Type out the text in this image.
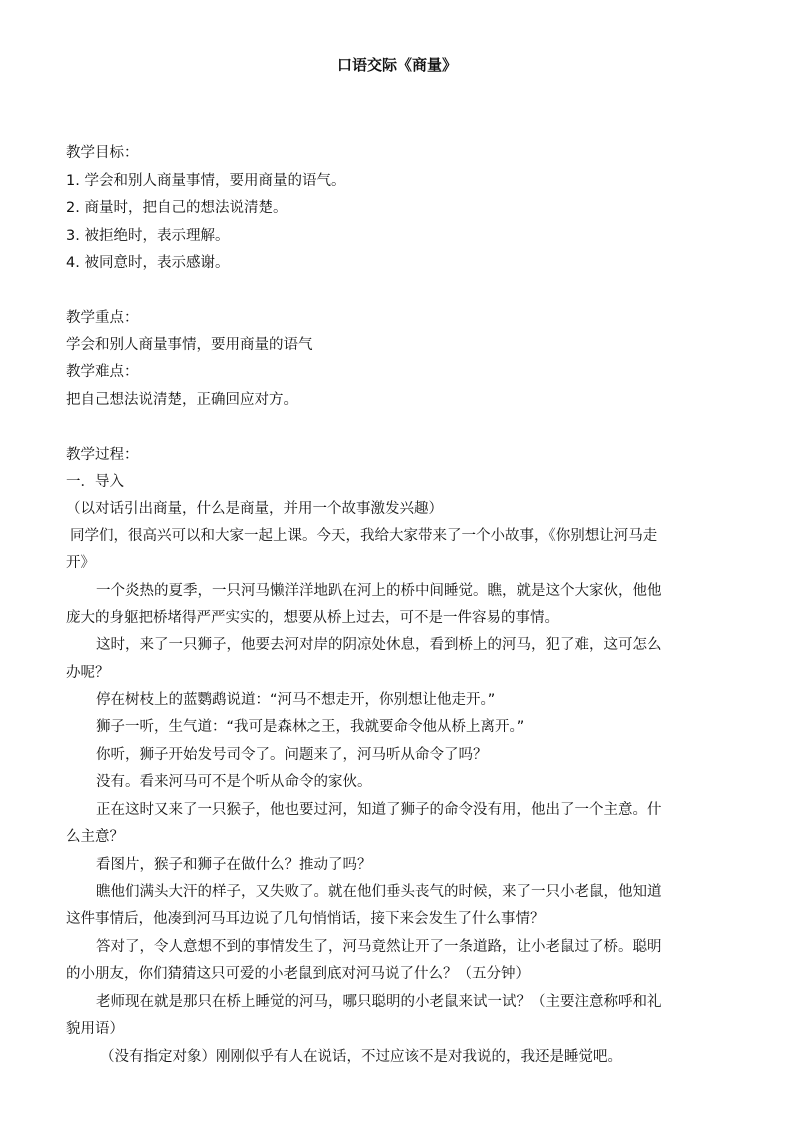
口语交际《商量》
教学目标：
1. 学会和别人商量事情，要用商量的语气。
2. 商量时，把自己的想法说清楚。
3. 被拒绝时，表示理解。
4. 被同意时，表示感谢。
教学重点：
学会和别人商量事情，要用商量的语气
教学难点：
把自己想法说清楚，正确回应对方。
教学过程：
一．导入
（以对话引出商量，什么是商量，并用一个故事激发兴趣）
同学们，很高兴可以和大家一起上课。今天，我给大家带来了一个小故事，《你别想让河马走
开》
一个炎热的夏季，一只河马懒洋洋地趴在河上的桥中间睡觉。瞧，就是这个大家伙，他他
庞大的身躯把桥堵得严严实实的，想要从桥上过去，可不是一件容易的事情。
这时，来了一只狮子，他要去河对岸的阴凉处休息，看到桥上的河马，犯了难，这可怎么
办呢？
停在树枝上的蓝鹦鹉说道：“河马不想走开，你别想让他走开。”
狮子一听，生气道：“我可是森林之王，我就要命令他从桥上离开。”
你听，狮子开始发号司令了。问题来了，河马听从命令了吗？
没有。看来河马可不是个听从命令的家伙。
正在这时又来了一只猴子，他也要过河，知道了狮子的命令没有用，他出了一个主意。什
么主意？
看图片，猴子和狮子在做什么？推动了吗？
瞧他们满头大汗的样子，又失败了。就在他们垂头丧气的时候，来了一只小老鼠，他知道
这件事情后，他凑到河马耳边说了几句悄悄话，接下来会发生了什么事情？
答对了，令人意想不到的事情发生了，河马竟然让开了一条道路，让小老鼠过了桥。聪明
的小朋友，你们猜猜这只可爱的小老鼠到底对河马说了什么？（五分钟）
老师现在就是那只在桥上睡觉的河马，哪只聪明的小老鼠来试一试？（主要注意称呼和礼
貌用语）
（没有指定对象）刚刚似乎有人在说话，不过应该不是对我说的，我还是睡觉吧。
